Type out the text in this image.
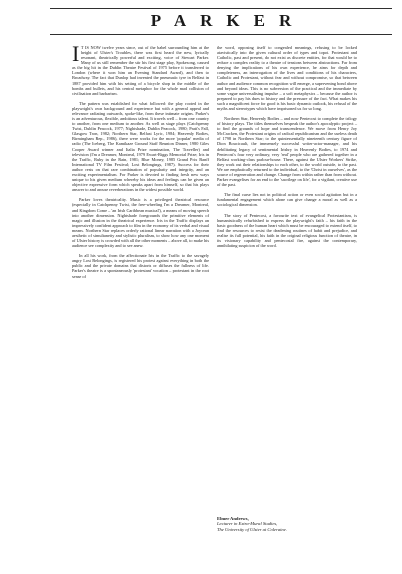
PARKER

I T IS NOW twelve years since, out of the babel surrounding him at the height of Ulster's Troubles, there was first heard the new, lyrically resonant, theatrically powerful and exciting, voice of Stewart Parker. Many of us still remember the stir his first stage play, Spokesong, caused as the big hit in the Dublin Theatre Festival of 1975 before it transferred to London (where it won him an Evening Standard Award), and then to Broadway. The fact that Dunlop had invented the pneumatic tyre in Belfast in 1887 provided him with his setting of a bicycle shop in the middle of the bombs and bullets, and his central metaphor for the whole mad collision of civilisation and barbarism.

The pattern was established for what followed: the play rooted in the playwright's own background and experience but with a general appeal and relevance radiating outwards, spoke-like, from these intimate origins. Parker's is an adventurous, flexible, ambitious talent. It travels well – from one country to another, from one medium to another. As well as stage plays (Catchpenny Twist, Dublin Peacock, 1977; Nightshade, Dublin Peacock, 1980; Pratt's Fall, Glasgow Tron, 1982; Northern Star, Belfast Lyric, 1984; Heavenly Bodies, Birmingham Rep., 1986), there were works for the more 'popular' media of radio (The Iceberg, The Kamikaze Ground Staff Reunion Dinner, 1980 Giles Cooper Award winner and Italia Prize nomination, The Traveller) and television (I'm a Dreamer, Montreal, 1979 Ewart-Biggs Memorial Prize; Iris in the Traffic, Ruby in the Rain, 1981; Blue Money, 1985 Grand Prix Banff International TV Film Festival; Lost Belongings, 1987). Success for their author rests on that rare combination of popularity and integrity, and an exciting experimentalism. For Parker is devoted to finding fresh new ways unique to his given medium whereby his ideas and feelings can be given an objective expressive form which speaks apart from himself, so that his plays answer to and arouse reverberations in the widest possible world.

Parker loves theatricality. Music is a privileged theatrical resource (especially in Catchpenny Twist, the free-wheeling I'm a Dreamer, Montreal, and Kingdom Come – 'an Irish Caribbean musical'), a means of moving speech into another dimension. Nightshade foregrounds the primitive elements of magic and illusion in the theatrical experience. Iris in the Traffic displays an impressively confident approach to film in the economy of its verbal and visual means. Northern Star replaces orderly rational linear narration with a Joycean aesthetic of simultaneity and stylistic pluralism, to show how any one moment of Ulster history is crowded with all the other moments – above all, to make his audience see complexity and to see anew.

In all his work, from the affectionate Iris in the Traffic to the savagely angry Lost Belongings, is registered his protest against everything in both the public and the private domains that distorts or diffuses the fullness of life. Parker's theatre is a spontaneously 'protestant' vocation – protestant in the root sense of

the word, opposing itself to congealed meanings, refusing to be locked atavistically into the given cultural order of types and topoi. Protestant and Catholic, past and present, do not exist as discrete entities, for that would be to reduce a complex reality to a theatre of tensions between abstractions. Far from denying the implications of his own experience, he aims for depth and completeness, an interrogation of the lives and conditions of his characters, Catholic and Protestant, without fear and without compromise, so that between author and audience common recognition will emerge, a supervening bond above and beyond ideas. This is no subversion of the practical and the immediate by some vague universalising impulse – a soft metaphysics – because the author is prepared to pay his dues to history and the pressure of the fact. What makes his such a magnificent force for good is his basic dynamic outlook, his refusal of the myths and stereotypes which have imprisoned us for so long.

Northern Star, Heavenly Bodies – and now Pentecost to complete the trilogy of history plays. The titles themselves bespeak the author's apocalyptic project – to find the grounds of hope and transcendence. We move from Henry Joy McCracken, the Protestant origins of radical republicanism and the useless death of 1798 in Northern Star; to the quintessentially nineteenth century figure of Dion Boucicault, the immensely successful writer-actor-manager, and his debilitating legacy of sentimental Irishry in Heavenly Bodies, to 1974 and Pentecost's four very ordinary, very 'real' people who are gathered together in a Belfast working-class parlour-house. There, against the Ulster Workers' Strike, they work out their relationships to each other, to the world outside, to the past. We are emphatically returned to the individual, to the 'Christ in ourselves', as the source of regeneration and change. Change from within rather than from without. Parker evangelises for an end to the 'sacrilege on life', for a vigilant, creative use of the past.

The final curse lies not in political action or even social agitation but in a fundamental engagement which alone can give change a moral as well as a sociological dimension.

The story of Pentecost, a favourite text of evangelical Protestantism, is humanistically refurbished to express the playwright's faith – his faith in the basic goodness of the human heart which must be encouraged to extend itself, to find the resources to resist the deadening routines of habit and prejudice, and realise its full potential, his faith in the original religious function of theatre, in its visionary capability and pentecostal fire, against the contemporary, annihilating suspicion of the word.

Elmer Andrews,
Lecturer in Extra-Mural Studies,
The University of Ulster at Coleraine.
